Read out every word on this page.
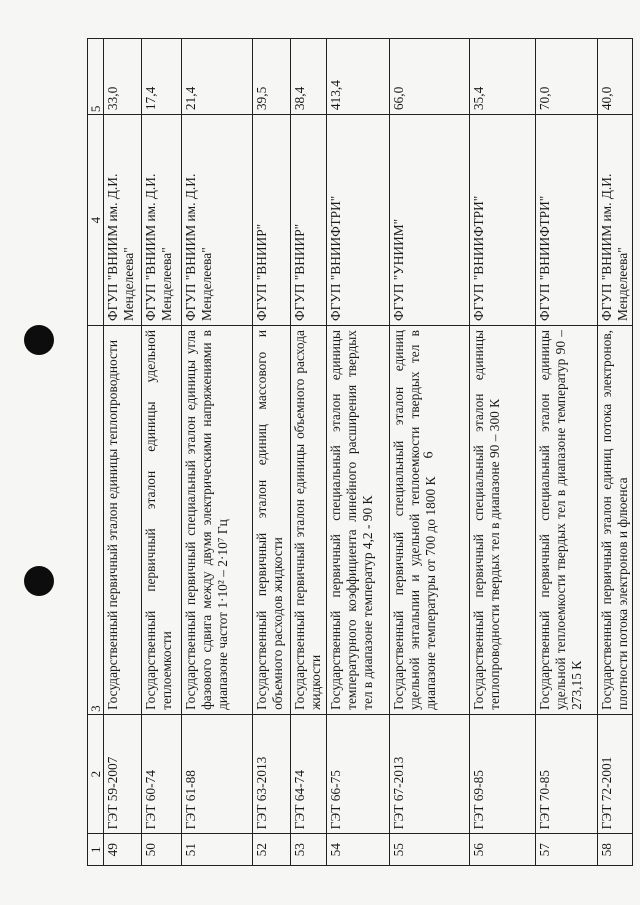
6
1	2	3	4	5
49	ГЭТ 59-2007	Государственный первичный эталон единицы теплопроводности	ФГУП "ВНИИМ им. Д.И. Менделеева"	33,0
50	ГЭТ 60-74	Государственный первичный эталон единицы удельной теплоемкости	ФГУП "ВНИИМ им. Д.И. Менделеева"	17,4
51	ГЭТ 61-88	Государственный первичный специальный эталон единицы угла фазового сдвига между двумя электрическими напряжениями в диапазоне частот 1·10² – 2·10⁷ Гц	ФГУП "ВНИИМ им. Д.И. Менделеева"	21,4
52	ГЭТ 63-2013	Государственный первичный эталон единиц массового и объемного расходов жидкости	ФГУП "ВНИИР"	39,5
53	ГЭТ 64-74	Государственный первичный эталон единицы объемного расхода жидкости	ФГУП "ВНИИР"	38,4
54	ГЭТ 66-75	Государственный первичный специальный эталон единицы температурного коэффициента линейного расширения твердых тел в диапазоне температур 4,2 - 90 К	ФГУП "ВНИИФТРИ"	413,4
55	ГЭТ 67-2013	Государственный первичный специальный эталон единиц удельной энтальпии и удельной теплоемкости твердых тел в диапазоне температуры от 700 до 1800 К	ФГУП "УНИИМ"	66,0
56	ГЭТ 69-85	Государственный первичный специальный эталон единицы теплопроводности твердых тел в диапазоне 90 – 300 К	ФГУП "ВНИИФТРИ"	35,4
57	ГЭТ 70-85	Государственный первичный специальный эталон единицы удельной теплоемкости твердых тел в диапазоне температур 90 – 273,15 К	ФГУП "ВНИИФТРИ"	70,0
58	ГЭТ 72-2001	Государственный первичный эталон единиц потока электронов, плотности потока электронов и флюенса	ФГУП "ВНИИМ им. Д.И. Менделеева"	40,0
